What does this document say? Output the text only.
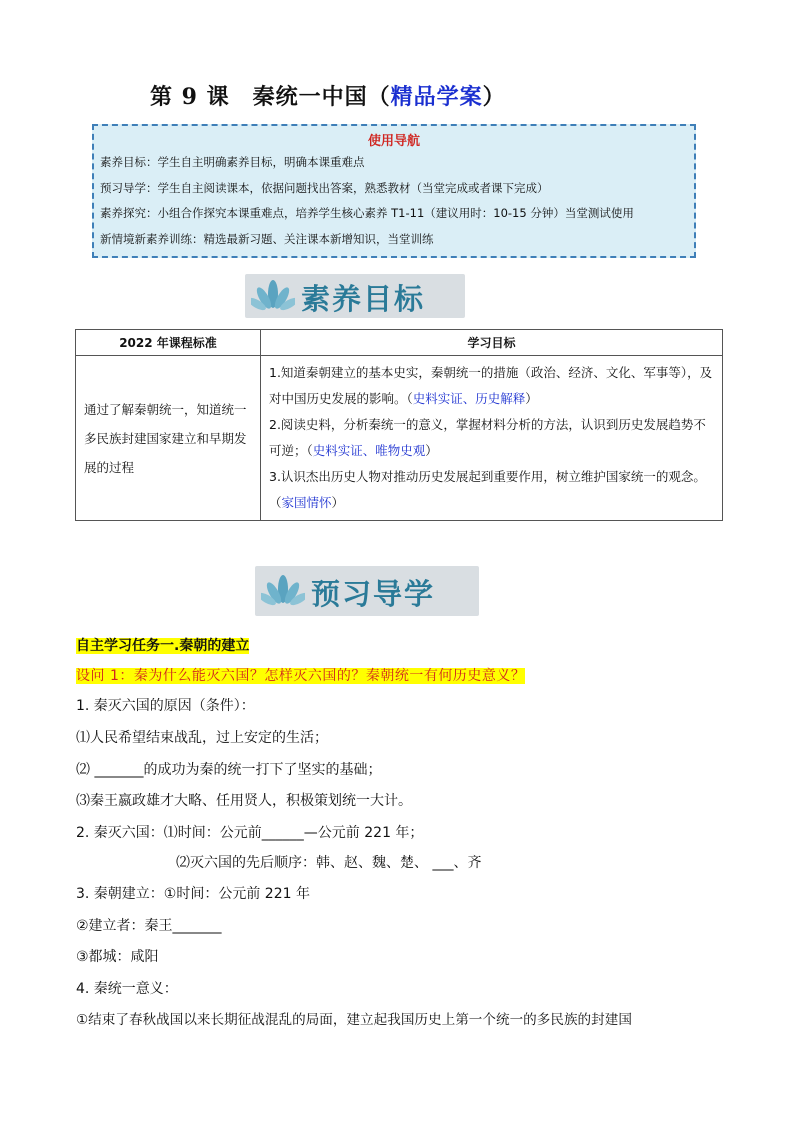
第 9 课　秦统一中国（精品学案）
使用导航
素养目标：学生自主明确素养目标，明确本课重难点
预习导学：学生自主阅读课本，依据问题找出答案，熟悉教材（当堂完成或者课下完成）
素养探究：小组合作探究本课重难点，培养学生核心素养 T1-11（建议用时：10-15 分钟）当堂测试使用
新情境新素养训练：精选最新习题、关注课本新增知识，当堂训练
素养目标
2022 年课程标准	学习目标
通过了解秦朝统一，知道统一多民族封建国家建立和早期发展的过程	1.知道秦朝建立的基本史实，秦朝统一的措施（政治、经济、文化、军事等），及对中国历史发展的影响。（史料实证、历史解释）
2.阅读史料，分析秦统一的意义，掌握材料分析的方法，认识到历史发展趋势不可逆；（史料实证、唯物史观）
3.认识杰出历史人物对推动历史发展起到重要作用，树立维护国家统一的观念。（家国情怀）
预习导学
自主学习任务一.秦朝的建立
设问 1：秦为什么能灭六国？怎样灭六国的？秦朝统一有何历史意义？
1. 秦灭六国的原因（条件）：
⑴人民希望结束战乱，过上安定的生活；
⑵ _______的成功为秦的统一打下了坚实的基础；
⑶秦王嬴政雄才大略、任用贤人，积极策划统一大计。
2. 秦灭六国：⑴时间：公元前______—公元前 221 年；
⑵灭六国的先后顺序：韩、赵、魏、楚、 ___、齐
3. 秦朝建立：①时间：公元前 221 年
②建立者：秦王_______
③都城：咸阳
4. 秦统一意义：
①结束了春秋战国以来长期征战混乱的局面，建立起我国历史上第一个统一的多民族的封建国
